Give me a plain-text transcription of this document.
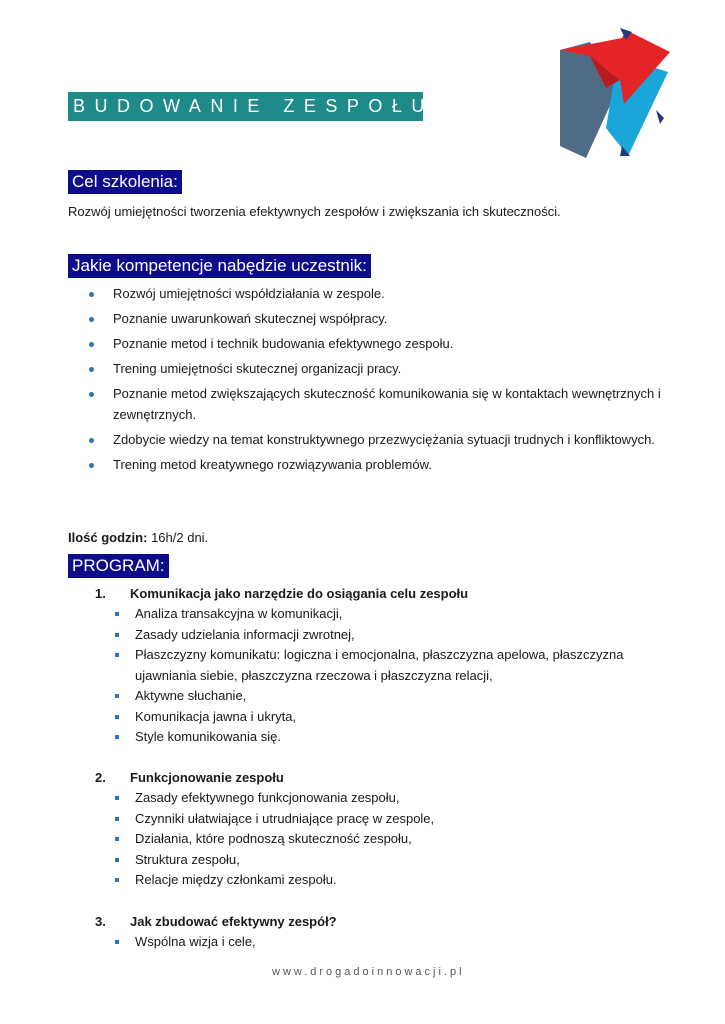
BUDOWANIE ZESPOŁU
Cel szkolenia:
Rozwój umiejętności tworzenia efektywnych zespołów i zwiększania ich skuteczności.
Jakie kompetencje nabędzie uczestnik:
Rozwój umiejętności współdziałania w zespole.
Poznanie uwarunkowań skutecznej współpracy.
Poznanie metod i technik budowania efektywnego zespołu.
Trening umiejętności skutecznej organizacji pracy.
Poznanie metod zwiększających skuteczność komunikowania się w kontaktach wewnętrznych i zewnętrznych.
Zdobycie wiedzy na temat konstruktywnego przezwyciężania sytuacji trudnych i konfliktowych.
Trening metod kreatywnego rozwiązywania problemów.
Ilość godzin: 16h/2 dni.
PROGRAM:
1. Komunikacja jako narzędzie do osiągania celu zespołu
Analiza transakcyjna w komunikacji,
Zasady udzielania informacji zwrotnej,
Płaszczyzny komunikatu: logiczna i emocjonalna, płaszczyzna apelowa, płaszczyzna ujawniania siebie, płaszczyzna rzeczowa i płaszczyzna relacji,
Aktywne słuchanie,
Komunikacja jawna i ukryta,
Style komunikowania się.
2. Funkcjonowanie zespołu
Zasady efektywnego funkcjonowania zespołu,
Czynniki ułatwiające i utrudniające pracę w zespole,
Działania, które podnoszą skuteczność zespołu,
Struktura zespołu,
Relacje między członkami zespołu.
3. Jak zbudować efektywny zespół?
Wspólna wizja i cele,
www.drogadoinnowacji.pl
